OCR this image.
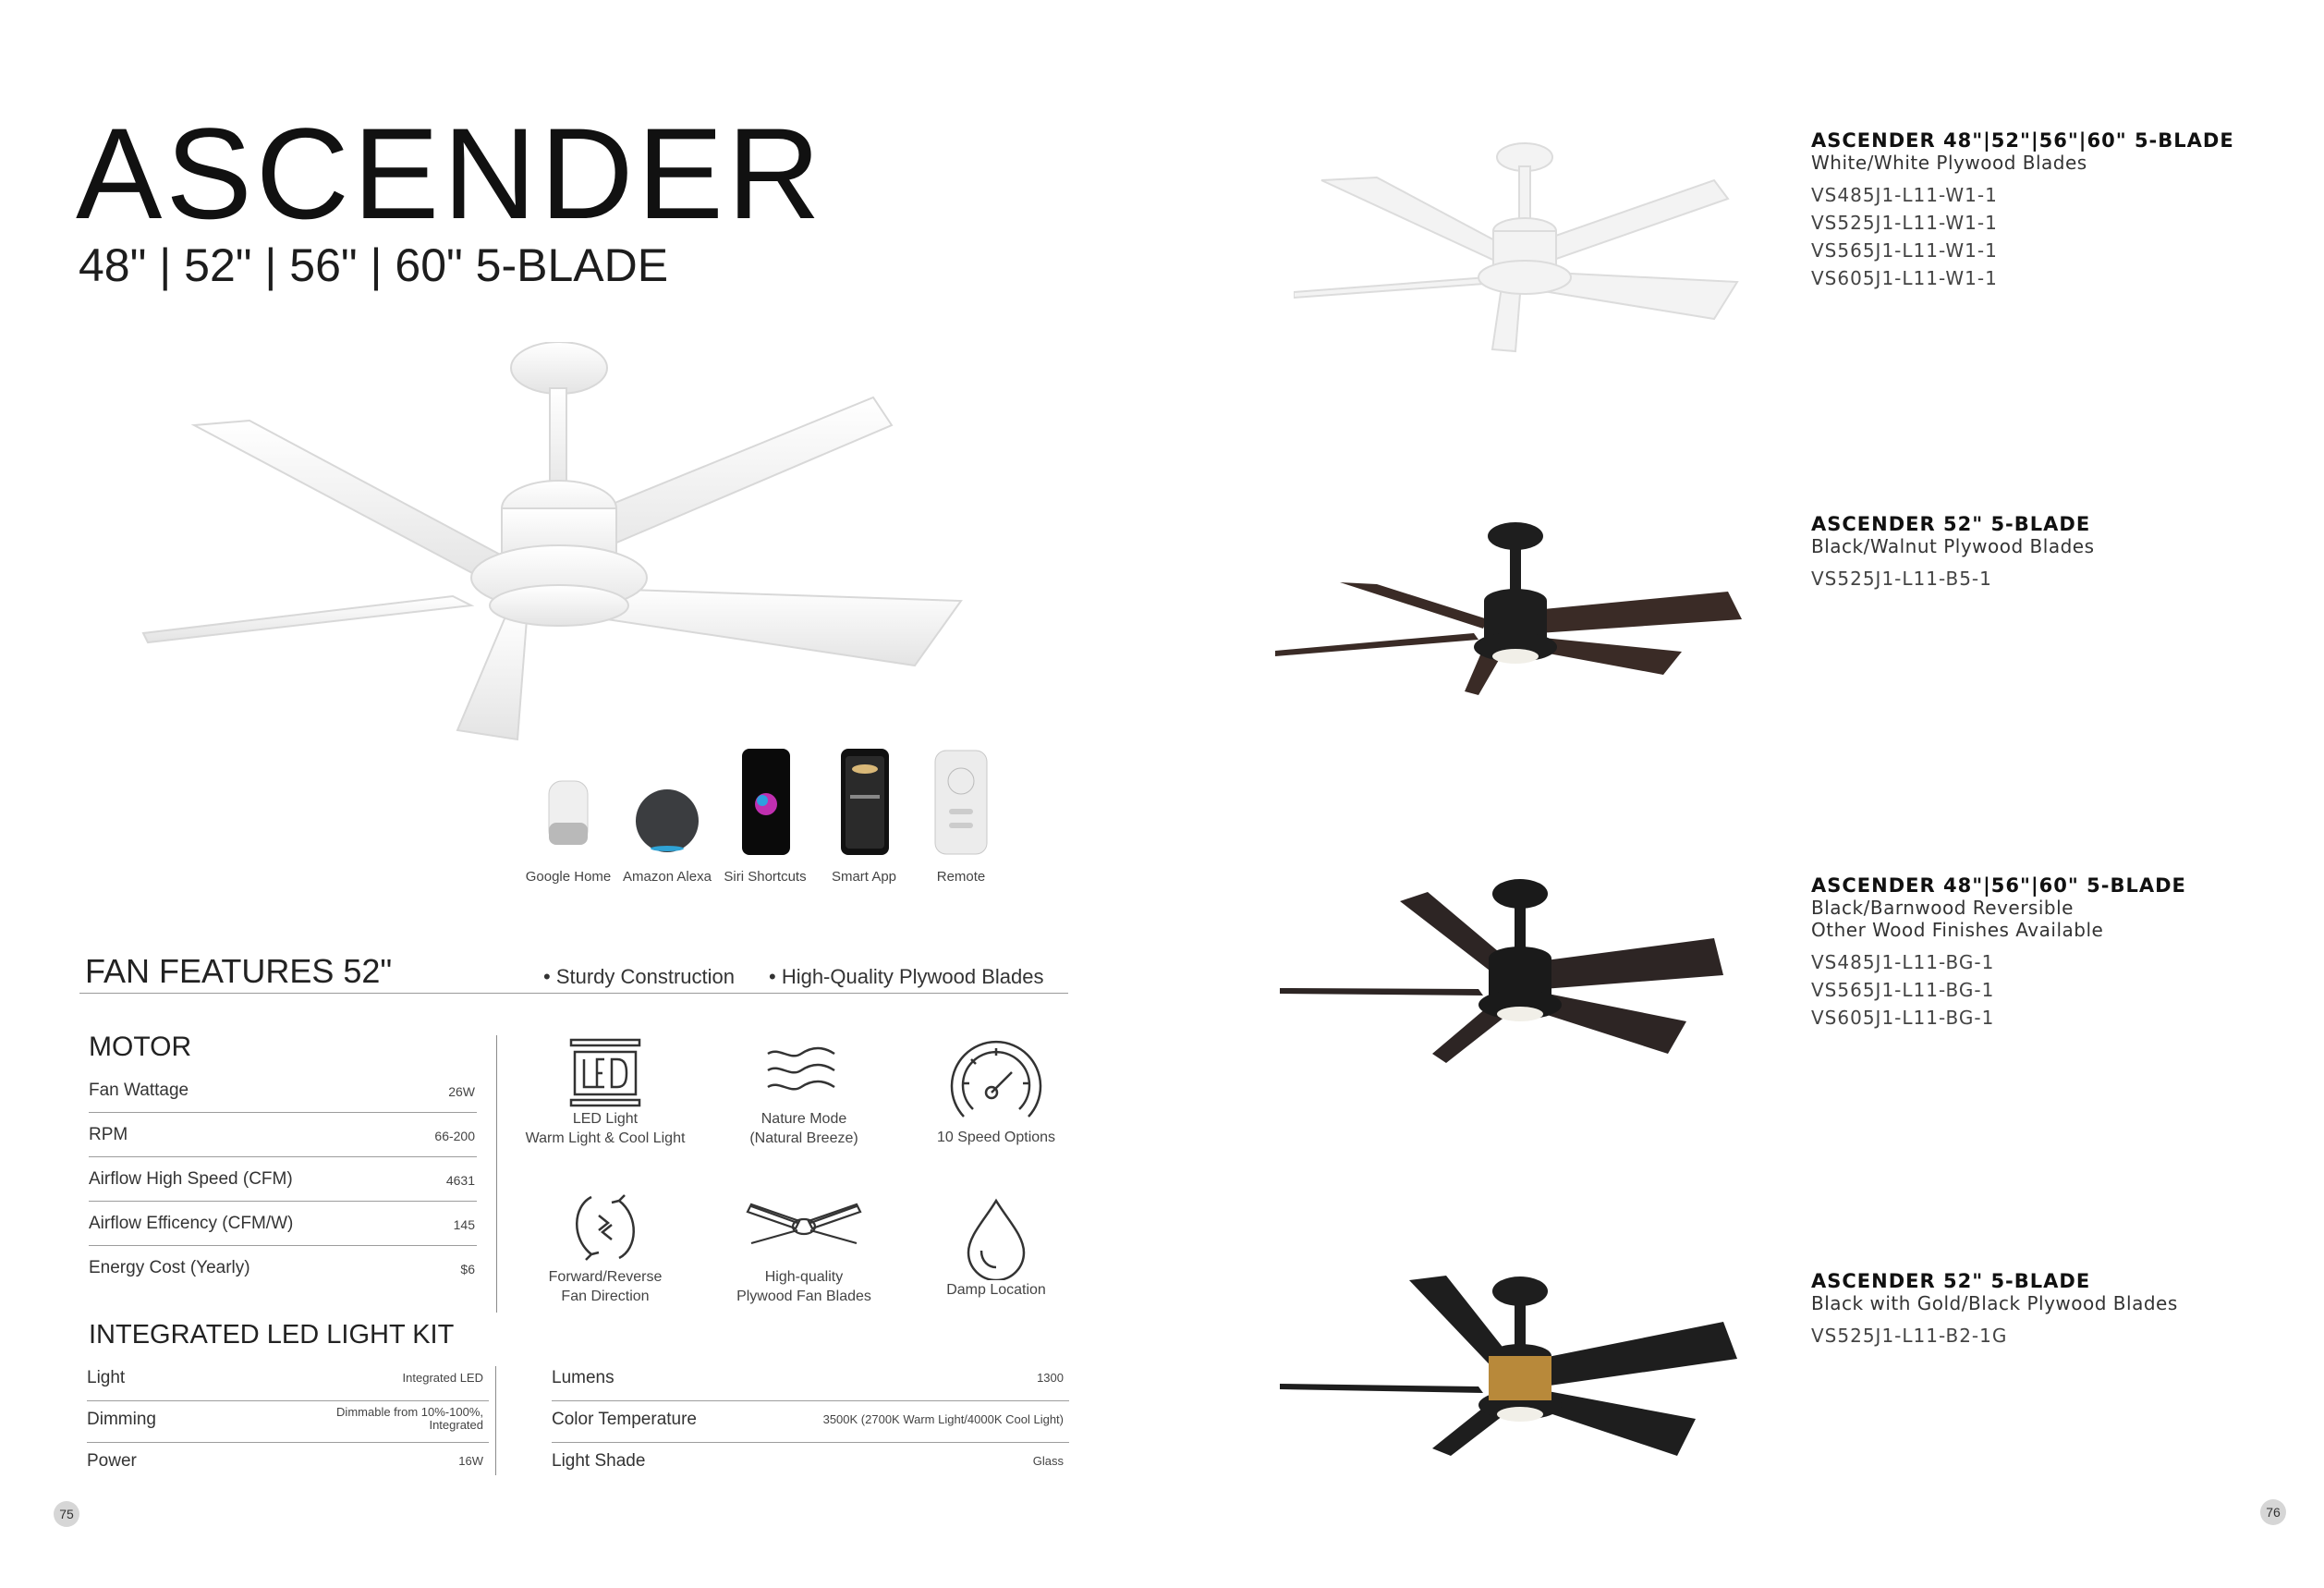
ASCENDER
48" | 52" | 56" | 60" 5-BLADE
Google Home Amazon Alexa Siri Shortcuts	Smart App	Remote
FAN FEATURES 52"	• Sturdy Construction • High-Quality Plywood Blades
MOTOR
Fan Wattage	26W
RPM	66-200
Airflow High Speed (CFM)	4631
Airflow Efficency (CFM/W)	145
Energy Cost (Yearly)	$6
LED Light
Warm Light & Cool Light
Nature Mode
(Natural Breeze)	10 Speed Options
Forward/Reverse
Fan Direction
High-quality
Plywood Fan Blades	Damp Location
INTEGRATED LED LIGHT KIT
Light	Integrated LED
Dimming	Dimmable from 10%-100%, Integrated
Power	16W
Lumens	1300
Color Temperature	3500K (2700K Warm Light/4000K Cool Light)
Light Shade	Glass
75	76
ASCENDER 48"|52"|56"|60" 5-BLADE
White/White Plywood Blades
VS485J1-L11-W1-1
VS525J1-L11-W1-1
VS565J1-L11-W1-1
VS605J1-L11-W1-1
ASCENDER 52" 5-BLADE
Black/Walnut Plywood Blades
VS525J1-L11-B5-1
ASCENDER 48"|56"|60" 5-BLADE
Black/Barnwood Reversible
Other Wood Finishes Available
VS485J1-L11-BG-1
VS565J1-L11-BG-1
VS605J1-L11-BG-1
ASCENDER 52" 5-BLADE
Black with Gold/Black Plywood Blades
VS525J1-L11-B2-1G
